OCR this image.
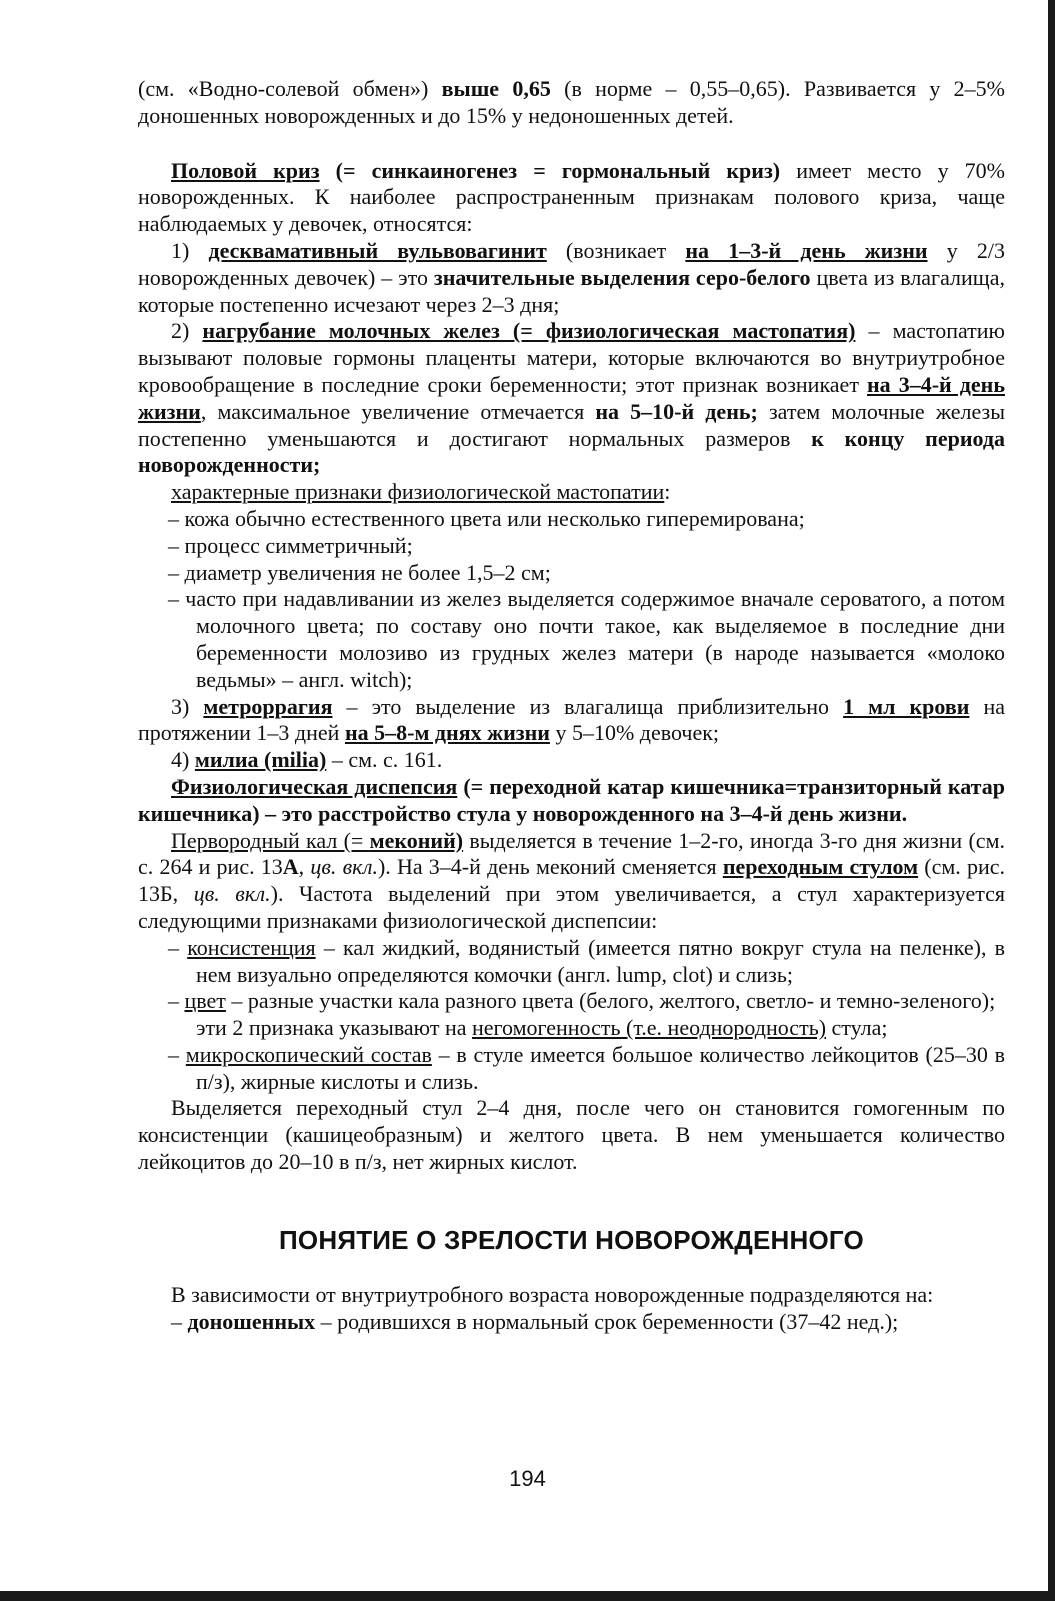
(см. «Водно-солевой обмен») выше 0,65 (в норме – 0,55–0,65). Развивается у 2–5% доношенных новорожденных и до 15% у недоношенных детей.

Половой криз (= синкаиногенез = гормональный криз) имеет место у 70% новорожденных. К наиболее распространенным признакам полового криза, чаще наблюдаемых у девочек, относятся:

1) десквамативный вульвовагинит (возникает на 1–3-й день жизни у 2/3 новорожденных девочек) – это значительные выделения серо-белого цвета из влагалища, которые постепенно исчезают через 2–3 дня;

2) нагрубание молочных желез (= физиологическая мастопатия) – мастопатию вызывают половые гормоны плаценты матери, которые включаются во внутриутробное кровообращение в последние сроки беременности; этот признак возникает на 3–4-й день жизни, максимальное увеличение отмечается на 5–10-й день; затем молочные железы постепенно уменьшаются и достигают нормальных размеров к концу периода новорожденности;

характерные признаки физиологической мастопатии:

– кожа обычно естественного цвета или несколько гиперемирована;

– процесс симметричный;

– диаметр увеличения не более 1,5–2 см;

– часто при надавливании из желез выделяется содержимое вначале сероватого, а потом молочного цвета; по составу оно почти такое, как выделяемое в последние дни беременности молозиво из грудных желез матери (в народе называется «молоко ведьмы» – англ. witch);

3) метроррагия – это выделение из влагалища приблизительно 1 мл крови на протяжении 1–3 дней на 5–8-м днях жизни у 5–10% девочек;

4) милиа (milia) – см. с. 161.

Физиологическая диспепсия (= переходной катар кишечника=транзиторный катар кишечника) – это расстройство стула у новорожденного на 3–4-й день жизни.

Первородный кал (= меконий) выделяется в течение 1–2-го, иногда 3-го дня жизни (см. с. 264 и рис. 13А, цв. вкл.). На 3–4-й день меконий сменяется переходным стулом (см. рис. 13Б, цв. вкл.). Частота выделений при этом увеличивается, а стул характеризуется следующими признаками физиологической диспепсии:

– консистенция – кал жидкий, водянистый (имеется пятно вокруг стула на пеленке), в нем визуально определяются комочки (англ. lump, clot) и слизь;

– цвет – разные участки кала разного цвета (белого, желтого, светло- и темно-зеленого);

эти 2 признака указывают на негомогенность (т.е. неоднородность) стула;

– микроскопический состав – в стуле имеется большое количество лейкоцитов (25–30 в п/з), жирные кислоты и слизь.

Выделяется переходный стул 2–4 дня, после чего он становится гомогенным по консистенции (кашицеобразным) и желтого цвета. В нем уменьшается количество лейкоцитов до 20–10 в п/з, нет жирных кислот.

ПОНЯТИЕ О ЗРЕЛОСТИ НОВОРОЖДЕННОГО

В зависимости от внутриутробного возраста новорожденные подразделяются на:

– доношенных – родившихся в нормальный срок беременности (37–42 нед.);

194
